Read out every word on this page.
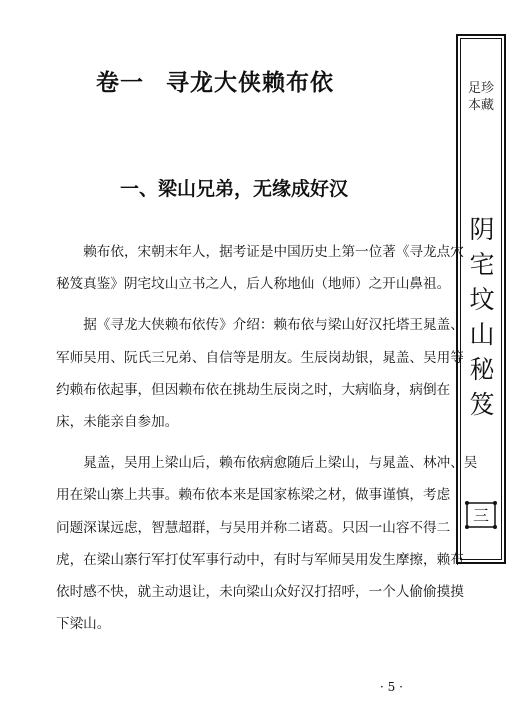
卷一 寻龙大侠赖布依
一、梁山兄弟，无缘成好汉

赖布依，宋朝末年人，据考证是中国历史上第一位著《寻龙点穴
秘笈真鉴》阴宅坟山立书之人，后人称地仙（地师）之开山鼻祖。

据《寻龙大侠赖布依传》介绍：赖布依与梁山好汉托塔王晁盖、
军师吴用、阮氏三兄弟、自信等是朋友。生辰岗劫银，晁盖、吴用等
约赖布依起事，但因赖布依在挑劫生辰岗之时，大病临身，病倒在
床，未能亲自参加。

晁盖，吴用上梁山后，赖布依病愈随后上梁山，与晁盖、林冲、吴
用在梁山寨上共事。赖布依本来是国家栋梁之材，做事谨慎，考虑
问题深谋远虑，智慧超群，与吴用并称二诸葛。只因一山容不得二
虎，在梁山寨行军打仗军事行动中，有时与军师吴用发生摩擦，赖布
依时感不快，就主动退让，未向梁山众好汉打招呼，一个人偷偷摸摸
下梁山。

· 5 ·
足珍
本藏
阴
宅
坟
山
秘
笈
三
